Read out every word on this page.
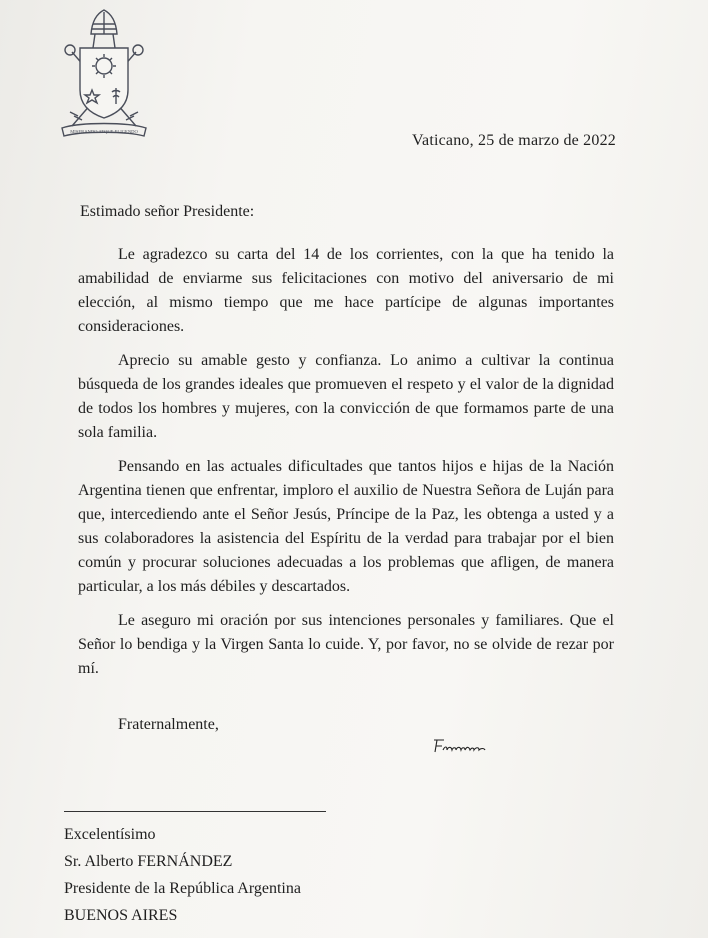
MISERANDO ATQUE ELIGENDO
Vaticano, 25 de marzo de 2022
Estimado señor Presidente:

Le agradezco su carta del 14 de los corrientes, con la que ha tenido la amabilidad de enviarme sus felicitaciones con motivo del aniversario de mi elección, al mismo tiempo que me hace partícipe de algunas importantes consideraciones.

Aprecio su amable gesto y confianza. Lo animo a cultivar la continua búsqueda de los grandes ideales que promueven el respeto y el valor de la dignidad de todos los hombres y mujeres, con la convicción de que formamos parte de una sola familia.

Pensando en las actuales dificultades que tantos hijos e hijas de la Nación Argentina tienen que enfrentar, imploro el auxilio de Nuestra Señora de Luján para que, intercediendo ante el Señor Jesús, Príncipe de la Paz, les obtenga a usted y a sus colaboradores la asistencia del Espíritu de la verdad para trabajar por el bien común y procurar soluciones adecuadas a los problemas que afligen, de manera particular, a los más débiles y descartados.

Le aseguro mi oración por sus intenciones personales y familiares. Que el Señor lo bendiga y la Virgen Santa lo cuide. Y, por favor, no se olvide de rezar por mí.

Fraternalmente,
Excelentísimo
Sr. Alberto FERNÁNDEZ
Presidente de la República Argentina
BUENOS AIRES
